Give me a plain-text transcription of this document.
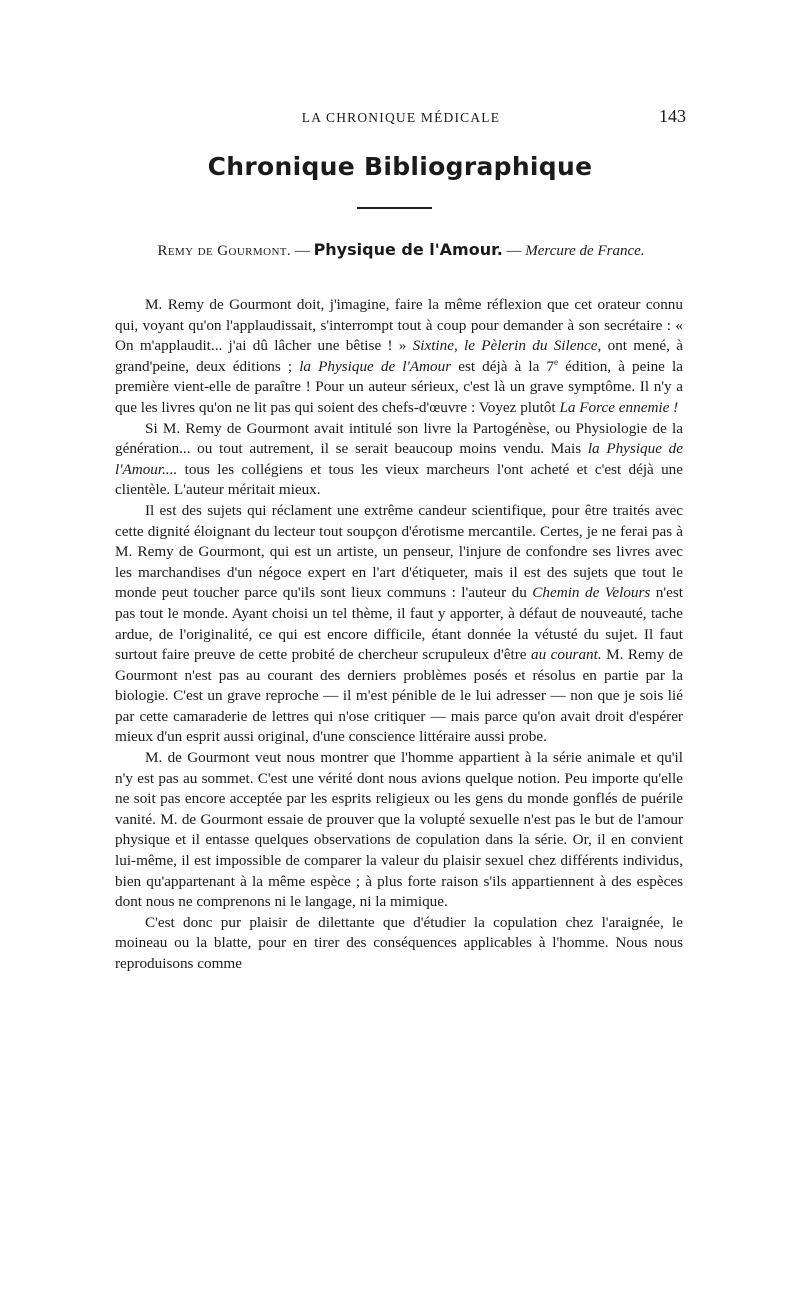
LA CHRONIQUE MÉDICALE	143
Chronique Bibliographique
Remy de Gourmont. — Physique de l'Amour. — Mercure de France.

M. Remy de Gourmont doit, j'imagine, faire la même réflexion que cet orateur connu qui, voyant qu'on l'applaudissait, s'interrompt tout à coup pour demander à son secrétaire : « On m'applaudit... j'ai dû lâcher une bêtise ! » Sixtine, le Pèlerin du Silence, ont mené, à grand'peine, deux éditions ; la Physique de l'Amour est déjà à la 7e édition, à peine la première vient-elle de paraître ! Pour un auteur sérieux, c'est là un grave symptôme. Il n'y a que les livres qu'on ne lit pas qui soient des chefs-d'œuvre : Voyez plutôt La Force ennemie !

Si M. Remy de Gourmont avait intitulé son livre la Partogénèse, ou Physiologie de la génération... ou tout autrement, il se serait beaucoup moins vendu. Mais la Physique de l'Amour.... tous les collégiens et tous les vieux marcheurs l'ont acheté et c'est déjà une clientèle. L'auteur méritait mieux.

Il est des sujets qui réclament une extrême candeur scientifique, pour être traités avec cette dignité éloignant du lecteur tout soupçon d'érotisme mercantile. Certes, je ne ferai pas à M. Remy de Gourmont, qui est un artiste, un penseur, l'injure de confondre ses livres avec les marchandises d'un négoce expert en l'art d'étiqueter, mais il est des sujets que tout le monde peut toucher parce qu'ils sont lieux communs : l'auteur du Chemin de Velours n'est pas tout le monde. Ayant choisi un tel thème, il faut y apporter, à défaut de nouveauté, tache ardue, de l'originalité, ce qui est encore difficile, étant donnée la vétusté du sujet. Il faut surtout faire preuve de cette probité de chercheur scrupuleux d'être au courant. M. Remy de Gourmont n'est pas au courant des derniers problèmes posés et résolus en partie par la biologie. C'est un grave reproche — il m'est pénible de le lui adresser — non que je sois lié par cette camaraderie de lettres qui n'ose critiquer — mais parce qu'on avait droit d'espérer mieux d'un esprit aussi original, d'une conscience littéraire aussi probe.

M. de Gourmont veut nous montrer que l'homme appartient à la série animale et qu'il n'y est pas au sommet. C'est une vérité dont nous avions quelque notion. Peu importe qu'elle ne soit pas encore acceptée par les esprits religieux ou les gens du monde gonflés de puérile vanité. M. de Gourmont essaie de prouver que la volupté sexuelle n'est pas le but de l'amour physique et il entasse quelques observations de copulation dans la série. Or, il en convient lui-même, il est impossible de comparer la valeur du plaisir sexuel chez différents individus, bien qu'appartenant à la même espèce ; à plus forte raison s'ils appartiennent à des espèces dont nous ne comprenons ni le langage, ni la mimique.

C'est donc pur plaisir de dilettante que d'étudier la copulation chez l'araignée, le moineau ou la blatte, pour en tirer des conséquences applicables à l'homme. Nous nous reproduisons comme
